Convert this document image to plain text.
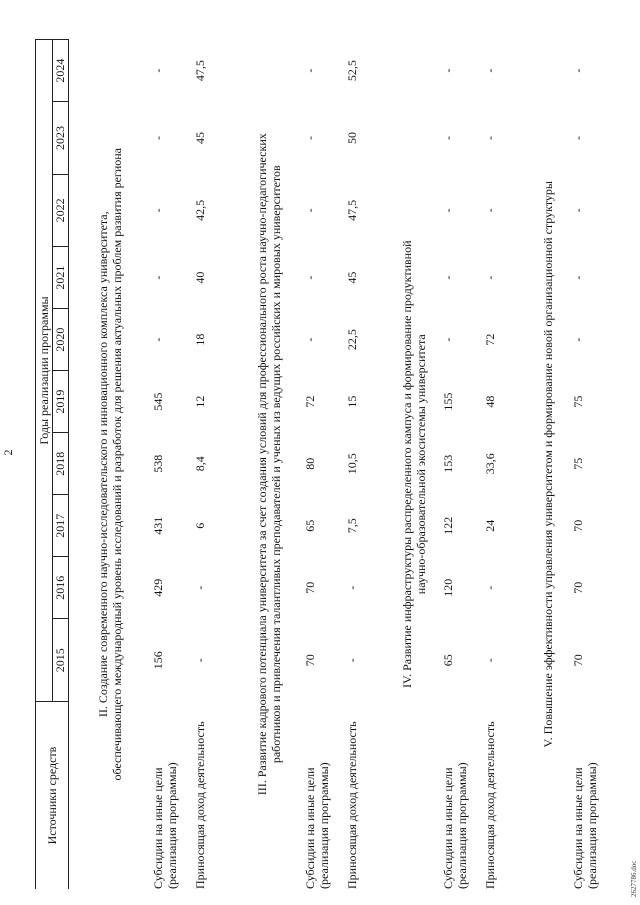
2
Источники средств	Годы реализации программы									
	2015	2016	2017	2018	2019	2020	2021	2022	2023	2024

II. Создание современного научно-исследовательского и инновационного комплекса университета, обеспечивающего международный уровень исследований и разработок для решения актуальных проблем развития региона										

Субсидии на иные цели (реализация программы)	156	429	431	538	545	-	-	-	-	-

Приносящая доход деятельность	-	-	6	8,4	12	18	40	42,5	45	47,5

III. Развитие кадрового потенциала университета за счет создания условий для профессионального роста научно-педагогических работников и привлечения талантливых преподавателей и ученых из ведущих российских и мировых университетов										

Субсидии на иные цели (реализация программы)	70	70	65	80	72	-	-	-	-	-

Приносящая доход деятельность	-	-	7,5	10,5	15	22,5	45	47,5	50	52,5

IV. Развитие инфраструктуры распределенного кампуса и формирование продуктивной научно-образовательной экосистемы университета										

Субсидии на иные цели (реализация программы)	65	120	122	153	155	-	-	-	-	-

Приносящая доход деятельность	-	-	24	33,6	48	72	-	-	-	-

V. Повышение эффективности управления университетом и формирование новой организационной структуры										

Субсидии на иные цели (реализация программы)	70	70	70	75	75	-	-	-	-	-
2627786.doc
